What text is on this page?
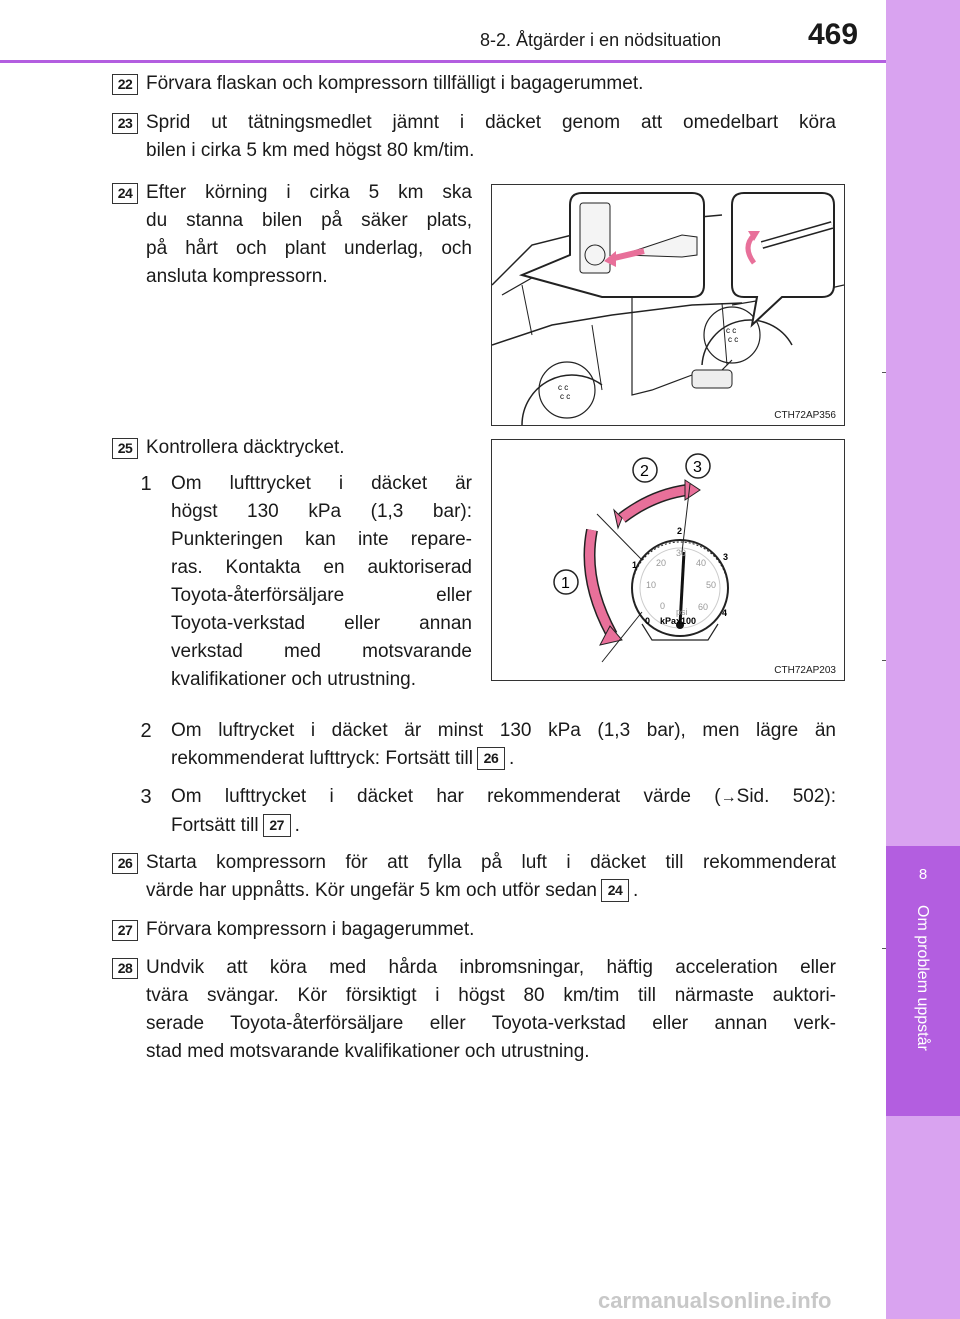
8
Om problem uppstår
8-2. Åtgärder i en nödsituation	469
22 Förvara flaskan och kompressorn tillfälligt i bagagerummet.
23 Sprid ut tätningsmedlet jämnt i däcket genom att omedelbart köra
bilen i cirka 5 km med högst 80 km/tim.
24 Efter körning i cirka 5 km ska
du stanna bilen på säker plats,
på hårt och plant underlag, och
ansluta kompressorn.
c c
c c
c c
c c
CTH72AP356
25 Kontrollera däcktrycket.
0
1
2
3
4
0
10
20
30
40
50
60
psi
kPax100
1
2	3
CTH72AP203
1 Om lufttrycket i däcket är
högst 130 kPa (1,3 bar):
Punkteringen kan inte repare-
ras. Kontakta en auktoriserad
Toyota-återförsäljare eller
Toyota-verkstad eller annan
verkstad med motsvarande
kvalifikationer och utrustning.
2 Om luftrycket i däcket är minst 130 kPa (1,3 bar), men lägre än
rekommenderat lufttryck: Fortsätt till 26 .
3 Om lufttrycket i däcket har rekommenderat värde (→Sid. 502):
Fortsätt till 27 .
26 Starta kompressorn för att fylla på luft i däcket till rekommenderat
värde har uppnåtts. Kör ungefär 5 km och utför sedan 24 .
27 Förvara kompressorn i bagagerummet.
28 Undvik att köra med hårda inbromsningar, häftig acceleration eller
tvära svängar. Kör försiktigt i högst 80 km/tim till närmaste auktori-
serade Toyota-återförsäljare eller Toyota-verkstad eller annan verk-
stad med motsvarande kvalifikationer och utrustning.
carmanualsonline.info
